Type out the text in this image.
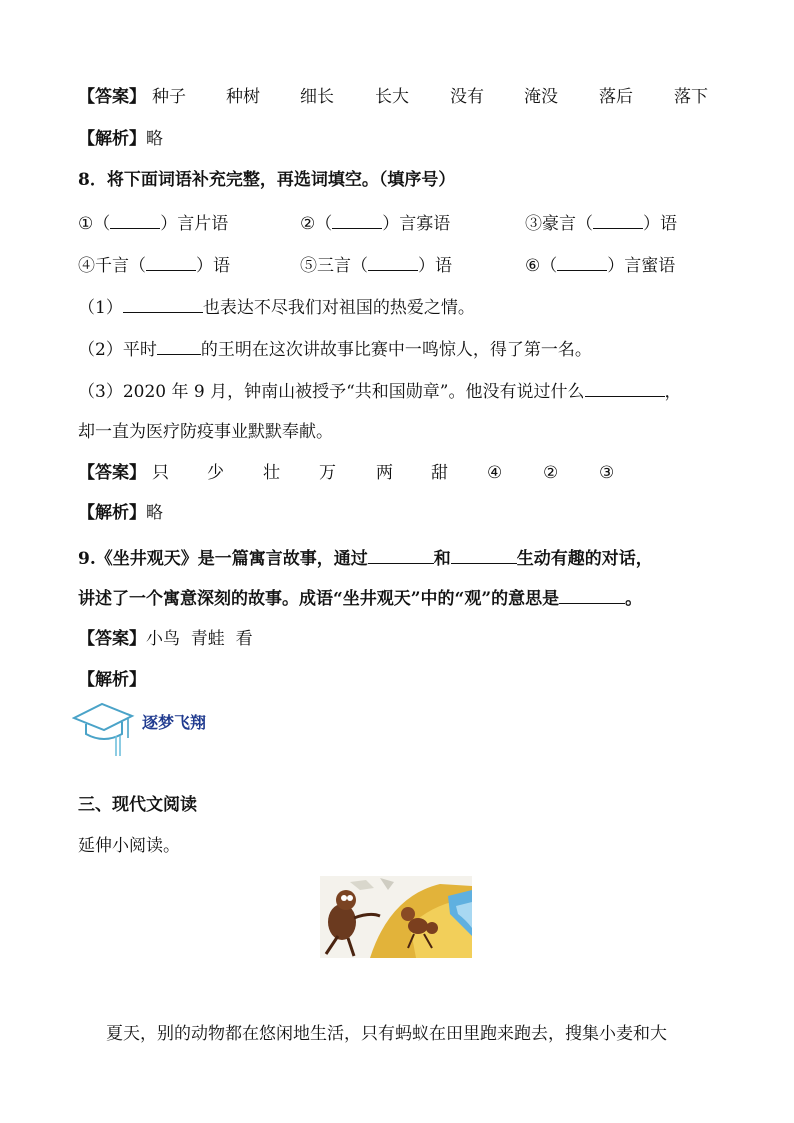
【答案】 种子 种树 细长 长大 没有 淹没 落后 落下
【解析】略
8．将下面词语补充完整，再选词填空。（填序号）
①（	）言片语	②（	）言寡语	③豪言（	）语
④千言（	）语	⑤三言（	）语	⑥（	）言蜜语
（1）	也表达不尽我们对祖国的热爱之情。
（2）平时	的王明在这次讲故事比赛中一鸣惊人，得了第一名。
（3）2020 年 9 月，钟南山被授予“共和国勋章”。他没有说过什么	，
却一直为医疗防疫事业默默奉献。
【答案】 只 少 壮 万 两 甜 ④ ② ③
【解析】略
9.《坐井观天》是一篇寓言故事，通过	和	生动有趣的对话，
讲述了一个寓意深刻的故事。成语“坐井观天”中的“观”的意思是	。
【答案】小鸟  青蛙  看
【解析】
逐梦飞翔
三、现代文阅读
延伸小阅读。
夏天，别的动物都在悠闲地生活，只有蚂蚁在田里跑来跑去，搜集小麦和大
